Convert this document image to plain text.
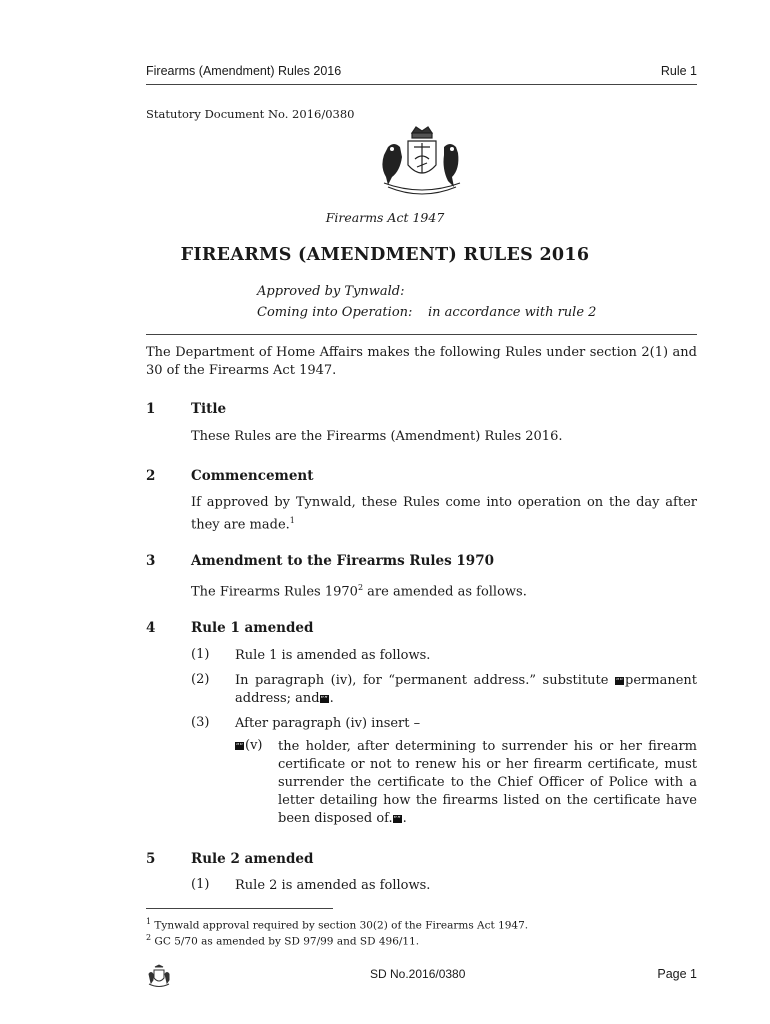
Firearms (Amendment) Rules 2016	Rule 1
Statutory Document No. 2016/0380
Firearms Act 1947
FIREARMS (AMENDMENT) RULES 2016
Approved by Tynwald:
Coming into Operation: in accordance with rule 2
The Department of Home Affairs makes the following Rules under section 2(1) and 30 of the Firearms Act 1947.
1	Title
These Rules are the Firearms (Amendment) Rules 2016.
2	Commencement
If approved by Tynwald, these Rules come into operation on the day after they are made.$^1$
3	Amendment to the Firearms Rules 1970
The Firearms Rules 1970$^2$ are amended as follows.
4	Rule 1 amended
(1) Rule 1 is amended as follows.
(2) In paragraph (iv), for “permanent address.” substitute ““ permanent address; and”” .
(3) After paragraph (iv) insert –
““ (v) the holder, after determining to surrender his or her firearm certificate or not to renew his or her firearm certificate, must surrender the certificate to the Chief Officer of Police with a letter detailing how the firearms listed on the certificate have been disposed of.”” .
5	Rule 2 amended
(1) Rule 2 is amended as follows.
$^1$ Tynwald approval required by section 30(2) of the Firearms Act 1947.
$^2$ GC 5/70 as amended by SD 97/99 and SD 496/11.
SD No.2016/0380	Page 1
